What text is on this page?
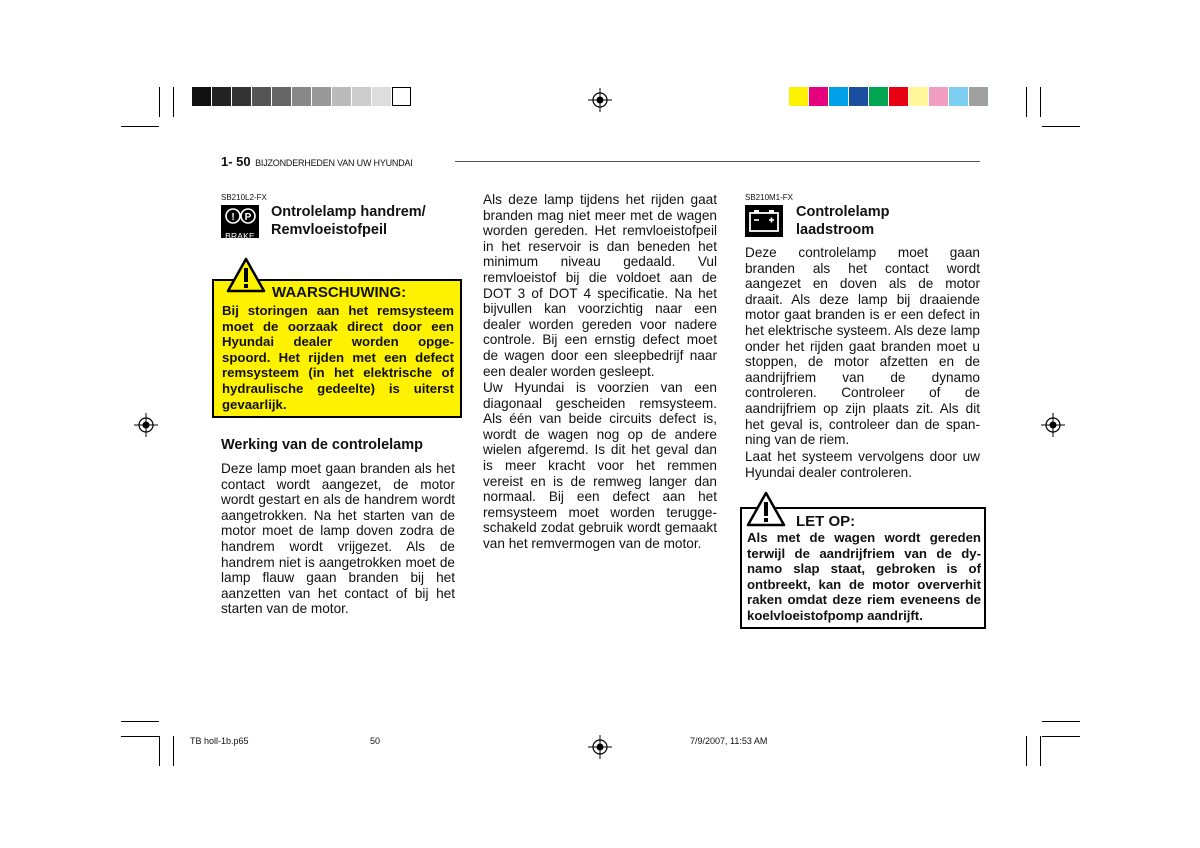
1- 50 BIJZONDERHEDEN VAN UW HYUNDAI
SB210L2-FX
! P
BRAKE
Ontrolelamp handrem/
Remvloeistofpeil
WAARSCHUWING:
Bij storingen aan het remsysteem moet de oorzaak direct door een Hyundai dealer worden opge-spoord. Het rijden met een defect remsysteem (in het elektrische of hydraulische gedeelte) is uiterst gevaarlijk.
Werking van de controlelamp
Deze lamp moet gaan branden als het contact wordt aangezet, de motor wordt gestart en als de handrem wordt aangetrokken. Na het starten van de motor moet de lamp doven zodra de handrem wordt vrijgezet. Als de handrem niet is aangetrokken moet de lamp flauw gaan branden bij het aanzetten van het contact of bij het starten van de motor.
Als deze lamp tijdens het rijden gaat branden mag niet meer met de wagen worden gereden. Het remvloeistofpeil in het reservoir is dan beneden het minimum niveau gedaald. Vul remvloeistof bij die voldoet aan de DOT 3 of DOT 4 specificatie. Na het bijvullen kan voorzichtig naar een dealer worden gereden voor nadere controle. Bij een ernstig defect moet de wagen door een sleepbedrijf naar een dealer worden gesleept.
Uw Hyundai is voorzien van een diagonaal gescheiden remsysteem. Als één van beide circuits defect is, wordt de wagen nog op de andere wielen afgeremd. Is dit het geval dan is meer kracht voor het remmen vereist en is de remweg langer dan normaal. Bij een defect aan het remsysteem moet worden terugge-schakeld zodat gebruik wordt gemaakt van het remvermogen van de motor.
SB210M1-FX
Controlelamp
laadstroom
Deze controlelamp moet gaan branden als het contact wordt aangezet en doven als de motor draait. Als deze lamp bij draaiende motor gaat branden is er een defect in het elektrische systeem. Als deze lamp onder het rijden gaat branden moet u stoppen, de motor afzetten en de aandrijfriem van de dynamo controleren. Controleer of de aandrijfriem op zijn plaats zit. Als dit het geval is, controleer dan de span-ning van de riem.
Laat het systeem vervolgens door uw Hyundai dealer controleren.
LET OP:
Als met de wagen wordt gereden terwijl de aandrijfriem van de dy-namo slap staat, gebroken is of ontbreekt, kan de motor oververhit raken omdat deze riem eveneens de koelvloeistofpomp aandrijft.
TB holl-1b.p65	50	7/9/2007, 11:53 AM
